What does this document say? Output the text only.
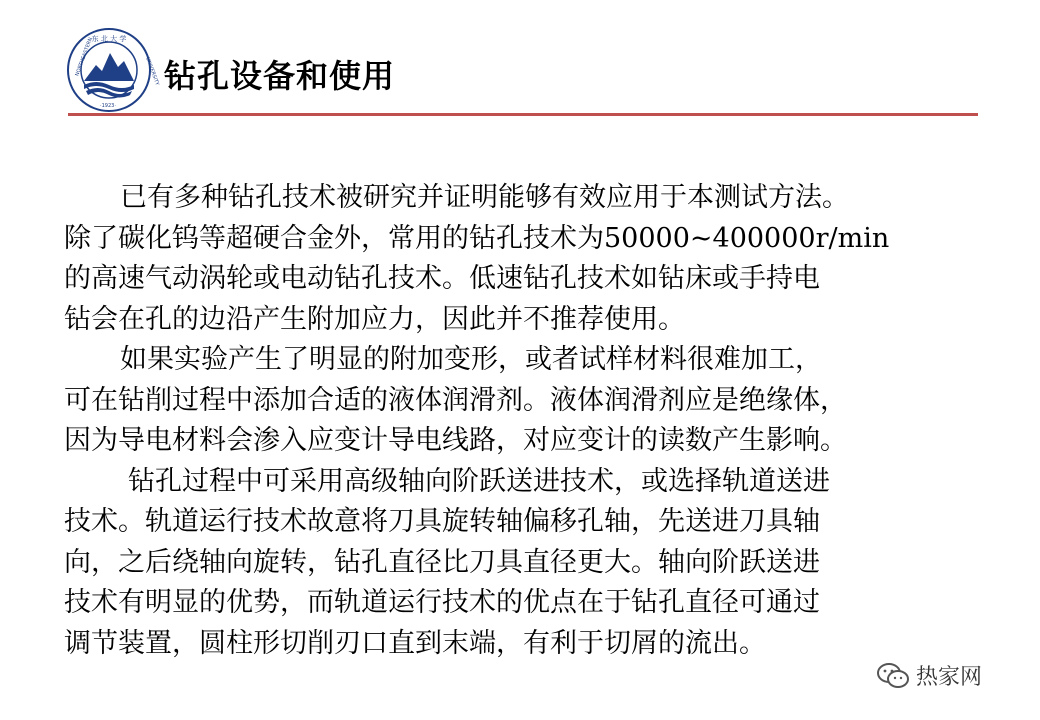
东 北 大 学
NORTHEASTERN	UNIVERSITY
·1923·
钻孔设备和使用
已有多种钻孔技术被研究并证明能够有效应用于本测试方法。
除了碳化钨等超硬合金外，常用的钻孔技术为50000~400000r/min
的高速气动涡轮或电动钻孔技术。低速钻孔技术如钻床或手持电
钻会在孔的边沿产生附加应力，因此并不推荐使用。
如果实验产生了明显的附加变形，或者试样材料很难加工，
可在钻削过程中添加合适的液体润滑剂。液体润滑剂应是绝缘体，
因为导电材料会渗入应变计导电线路，对应变计的读数产生影响。
钻孔过程中可采用高级轴向阶跃送进技术，或选择轨道送进
技术。轨道运行技术故意将刀具旋转轴偏移孔轴，先送进刀具轴
向，之后绕轴向旋转，钻孔直径比刀具直径更大。轴向阶跃送进
技术有明显的优势，而轨道运行技术的优点在于钻孔直径可通过
调节装置，圆柱形切削刃口直到末端，有利于切屑的流出。
热家网
